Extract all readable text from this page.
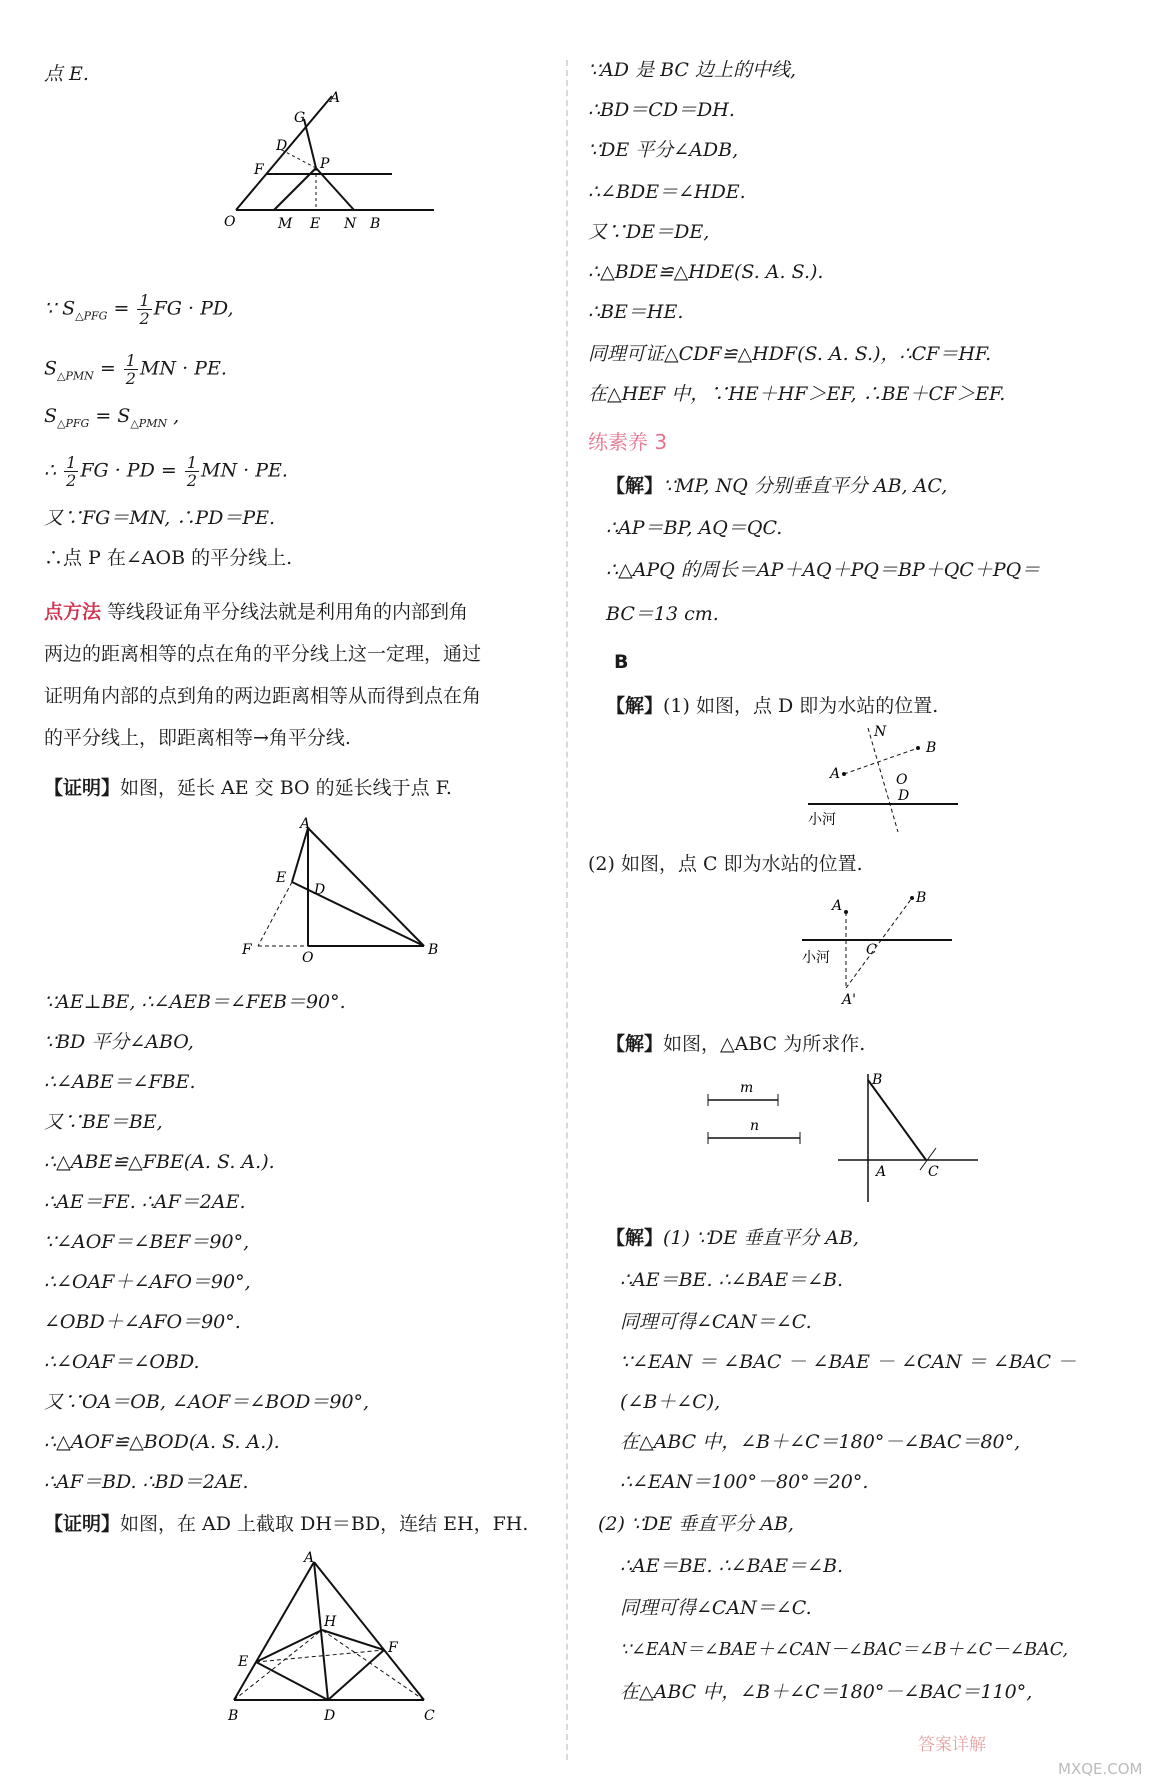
点 E.
G
A
D
F	P
O	M E N B
∵ $S_{\triangle PFG} = \frac{1}{2}$ FG · PD,
$S_{\triangle PMN} = \frac{1}{2}$ MN · PE.
$S_{\triangle PFG} = S_{\triangle PMN}$ ,
∴ $\frac{1}{2}$ FG · PD = $\frac{1}{2}$ MN · PE.
又∵FG＝MN, ∴PD＝PE.
∴点 P 在∠AOB 的平分线上.
点方法 等线段证角平分线法就是利用角的内部到角
两边的距离相等的点在角的平分线上这一定理，通过
证明角内部的点到角的两边距离相等从而得到点在角
的平分线上，即距离相等→角平分线.
【证明】如图，延长 AE 交 BO 的延长线于点 F.
A
E
D
F	O	B
∵AE⊥BE, ∴∠AEB＝∠FEB＝90°.
∵BD 平分∠ABO,
∴∠ABE＝∠FBE.
又∵BE＝BE,
∴△ABE≌△FBE(A. S. A.).
∴AE＝FE. ∴AF＝2AE.
∵∠AOF＝∠BEF＝90°,
∴∠OAF＋∠AFO＝90°,
∠OBD＋∠AFO＝90°.
∴∠OAF＝∠OBD.
又∵OA＝OB, ∠AOF＝∠BOD＝90°,
∴△AOF≌△BOD(A. S. A.).
∴AF＝BD. ∴BD＝2AE.
【证明】如图，在 AD 上截取 DH＝BD，连结 EH，FH.
A
H
E
F
B	D	C
∵AD 是 BC 边上的中线,
∴BD＝CD＝DH.
∵DE 平分∠ADB,
∴∠BDE＝∠HDE.
又∵DE＝DE,
∴△BDE≌△HDE(S. A. S.).
∴BE＝HE.
同理可证△CDF≌△HDF(S. A. S.)，∴CF＝HF.
在△HEF 中，∵HE＋HF＞EF, ∴BE＋CF＞EF.
练素养 3
【解】∵MP, NQ 分别垂直平分 AB, AC,
∴AP＝BP, AQ＝QC.
∴△APQ 的周长＝AP＋AQ＋PQ＝BP＋QC＋PQ＝
BC＝13 cm.
B
【解】(1) 如图，点 D 即为水站的位置.
N
B
A	O
D
小河
(2) 如图，点 C 即为水站的位置.
B
A
C
A'
小河
【解】如图，△ABC 为所求作.
m
n
B
A	C
【解】(1) ∵DE 垂直平分 AB,
∴AE＝BE. ∴∠BAE＝∠B.
同理可得∠CAN＝∠C.
∵∠EAN ＝ ∠BAC － ∠BAE － ∠CAN ＝ ∠BAC －
(∠B＋∠C),
在△ABC 中，∠B＋∠C＝180°－∠BAC＝80°,
∴∠EAN＝100°－80°＝20°.
(2) ∵DE 垂直平分 AB,
∴AE＝BE. ∴∠BAE＝∠B.
同理可得∠CAN＝∠C.
∵∠EAN＝∠BAE＋∠CAN－∠BAC＝∠B＋∠C－∠BAC,
在△ABC 中，∠B＋∠C＝180°－∠BAC＝110°,
答案详解
MXQE.COM
